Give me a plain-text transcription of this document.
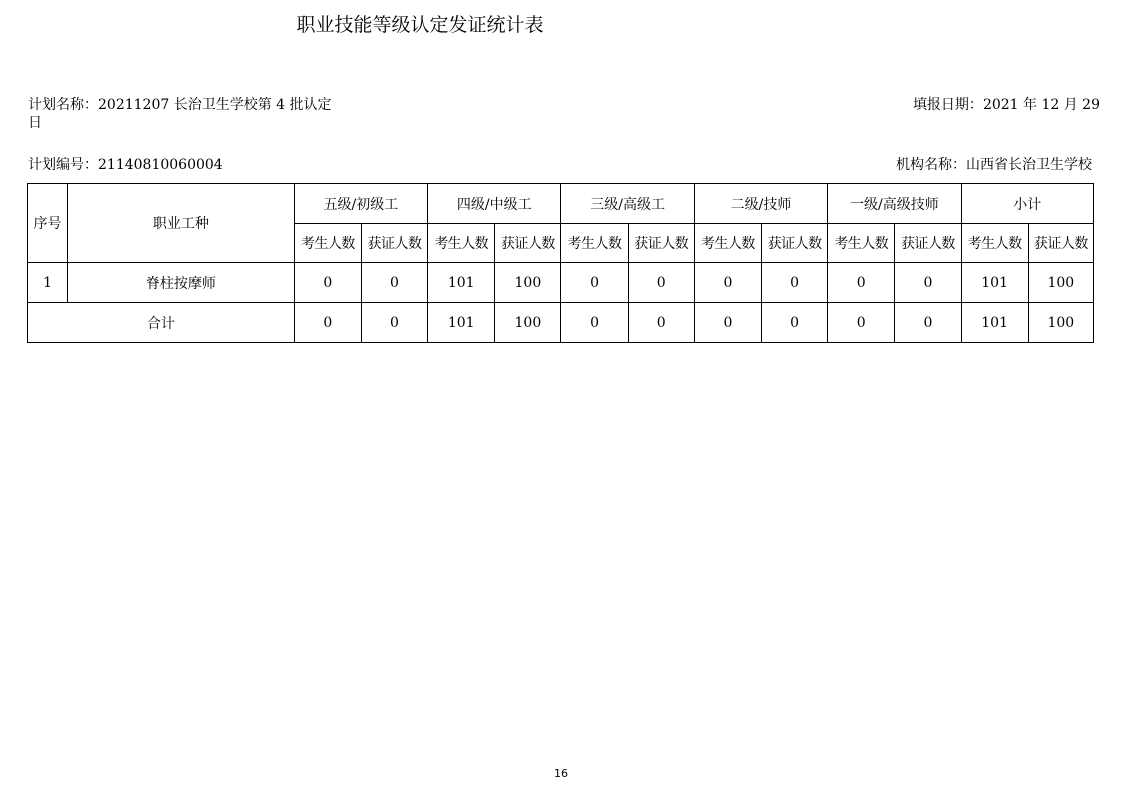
职业技能等级认定发证统计表
计划名称：20211207 长治卫生学校第 4 批认定
日
填报日期：2021 年 12 月 29
计划编号：21140810060004	机构名称：山西省长治卫生学校
序号	职业工种	五级/初级工		四级/中级工		三级/高级工		二级/技师		一级/高级技师		小计	
		考生人数	获证人数	考生人数	获证人数	考生人数	获证人数	考生人数	获证人数	考生人数	获证人数	考生人数	获证人数
1	脊柱按摩师	0	0	101	100	0	0	0	0	0	0	101	100
合计		0	0	101	100	0	0	0	0	0	0	101	100
16
